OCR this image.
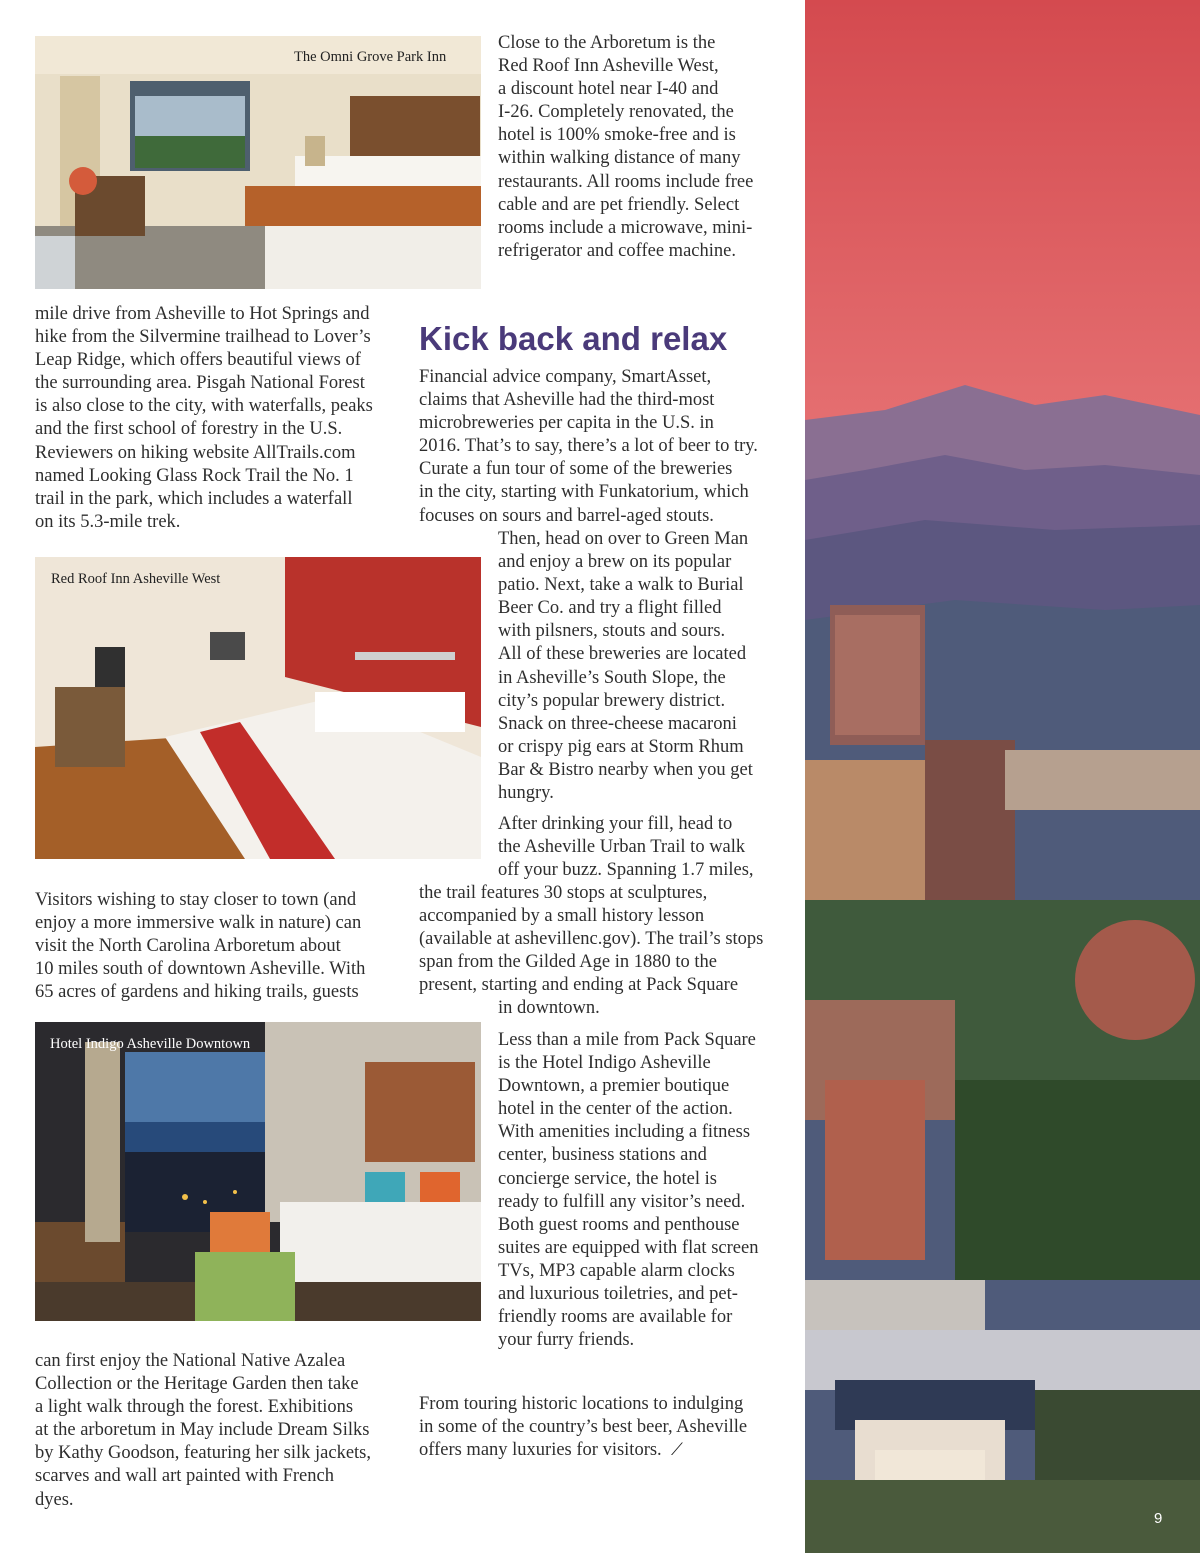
The Omni Grove Park Inn
Red Roof Inn Asheville West
Hotel Indigo Asheville Downtown
9

mile drive from Asheville to Hot Springs and

hike from the Silvermine trailhead to Lover’s

Leap Ridge, which offers beautiful views of

the surrounding area. Pisgah National Forest

is also close to the city, with waterfalls, peaks

and the first school of forestry in the U.S.

Reviewers on hiking website AllTrails.com

named Looking Glass Rock Trail the No. 1

trail in the park, which includes a waterfall

on its 5.3-mile trek.

Visitors wishing to stay closer to town (and

enjoy a more immersive walk in nature) can

visit the North Carolina Arboretum about

10 miles south of downtown Asheville. With

65 acres of gardens and hiking trails, guests

can first enjoy the National Native Azalea

Collection or the Heritage Garden then take

a light walk through the forest. Exhibitions

at the arboretum in May include Dream Silks

by Kathy Goodson, featuring her silk jackets,

scarves and wall art painted with French

dyes.

Close to the Arboretum is the

Red Roof Inn Asheville West,

a discount hotel near I-40 and

I-26. Completely renovated, the

hotel is 100% smoke-free and is

within walking distance of many

restaurants. All rooms include free

cable and are pet friendly. Select

rooms include a microwave, mini-

refrigerator and coffee machine.

Kick back and relax

Financial advice company, SmartAsset,

claims that Asheville had the third-most

microbreweries per capita in the U.S. in

2016. That’s to say, there’s a lot of beer to try.

Curate a fun tour of some of the breweries

in the city, starting with Funkatorium, which

focuses on sours and barrel-aged stouts.

Then, head on over to Green Man

and enjoy a brew on its popular

patio. Next, take a walk to Burial

Beer Co. and try a flight filled

with pilsners, stouts and sours.

All of these breweries are located

in Asheville’s South Slope, the

city’s popular brewery district.

Snack on three-cheese macaroni

or crispy pig ears at Storm Rhum

Bar & Bistro nearby when you get

hungry.

After drinking your fill, head to

the Asheville Urban Trail to walk

off your buzz. Spanning 1.7 miles,

the trail features 30 stops at sculptures,

accompanied by a small history lesson

(available at ashevillenc.gov). The trail’s stops

span from the Gilded Age in 1880 to the

present, starting and ending at Pack Square

in downtown.

Less than a mile from Pack Square

is the Hotel Indigo Asheville

Downtown, a premier boutique

hotel in the center of the action.

With amenities including a fitness

center, business stations and

concierge service, the hotel is

ready to fulfill any visitor’s need.

Both guest rooms and penthouse

suites are equipped with flat screen

TVs, MP3 capable alarm clocks

and luxurious toiletries, and pet-

friendly rooms are available for

your furry friends.

From touring historic locations to indulging

in some of the country’s best beer, Asheville

offers many luxuries for visitors. ⟋
